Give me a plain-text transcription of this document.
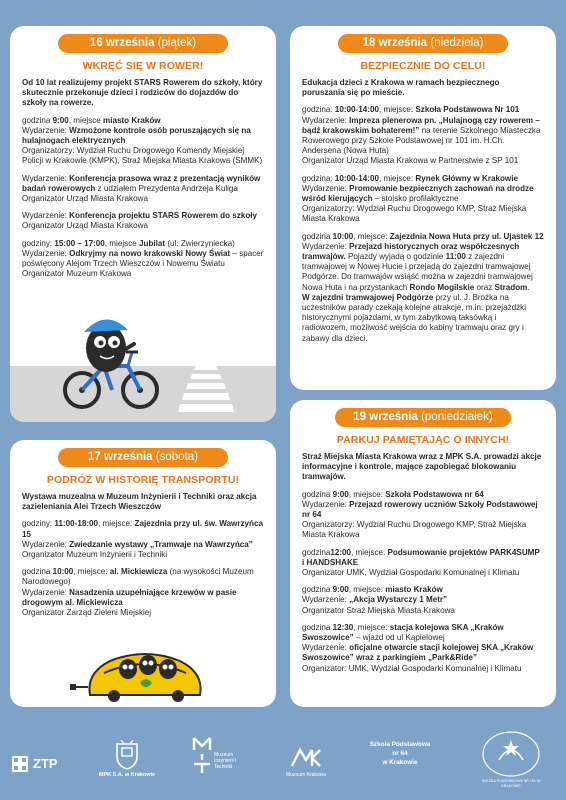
16 września (piątek)
WKRĘĆ SIĘ W ROWER!

Od 10 lat realizujemy projekt STARS Rowerem do szkoły, który skutecznie przekonuje dzieci i rodziców do dojazdów do szkoły na rowerze.

godzina 9:00, miejsce miasto Kraków
Wydarzenie: Wzmożone kontrole osób poruszających się na hulajnogach elektrycznych
Organizatorzy: Wydział Ruchu Drogowego Komendy Miejskiej Policji w Krakowie (KMPK), Straż Miejska Miasta Krakowa (SMMK)
Wydarzenie: Konferencja prasowa wraz z prezentacją wyników badań rowerowych z udziałem Prezydenta Andrzeja Kuliga
Organizator Urząd Miasta Krakowa
Wydarzenie: Konferencja projektu STARS Rowerem do szkoły
Organizator Urząd Miasta Krakowa
godziny: 15:00 – 17:00, miejsce Jubilat (ul. Zwierzyniecka)
Wydarzenie: Odkryjmy na nowo krakowski Nowy Świat – spacer poświęcony Alejom Trzech Wieszczów i Nowemu Światu
Organizator Muzeum Krakowa
17 września (sobota)
PODRÓŻ W HISTORIĘ TRANSPORTU!

Wystawa muzealna w Muzeum Inżynierii i Techniki oraz akcja zazieleniania Alei Trzech Wieszczów

godziny: 11:00-18:00, miejsce: Zajezdnia przy ul. św. Wawrzyńca 15
Wydarzenie: Zwiedzanie wystawy „Tramwaje na Wawrzyńca”
Organizator Muzeum Inżynierii i Techniki
godzina 10:00, miejsce: al. Mickiewicza (na wysokości Muzeum Narodowego)
Wydarzenie: Nasadzenia uzupełniające krzewów w pasie drogowym al. Mickiewicza
Organizator Zarząd Zieleni Miejskiej
18 września (niedziela)
BEZPIECZNIE DO CELU!

Edukacja dzieci z Krakowa w ramach bezpiecznego poruszania się po mieście.

godzina: 10:00-14:00, miejsce: Szkoła Podstawowa Nr 101
Wydarzenie: Impreza plenerowa pn. „Hulajnogą czy rowerem – bądź krakowskim bohaterem!” na terenie Szkolnego Miasteczka Rowerowego przy Szkole Podstawowej nr 101 im. H.Ch. Andersena (Nowa Huta)
Organizator Urząd Miasta Krakowa w Partnerstwie z SP 101
godzina: 10:00-14:00, miejsce: Rynek Główny w Krakowie
Wydarzenie: Promowanie bezpiecznych zachowań na drodze wśród kierujących – stoisko profilaktyczne
Organizatorzy: Wydział Ruchu Drogowego KMP, Straż Miejska Miasta Krakowa
godzina 10:00, miejsce: Zajezdnia Nowa Huta przy ul. Ujastek 12
Wydarzenie: Przejazd historycznych oraz współczesnych tramwajów. Pojazdy wyjadą o godzinie 11:00 z zajezdni tramwajowej w Nowej Hucie i przejadą do zajezdni tramwajowej Podgórze. Do tramwajów wsiąść można w zajezdni tramwajowej Nowa Huta i na przystankach Rondo Mogilskie oraz Stradom.
W zajezdni tramwajowej Podgórze przy ul. J. Brożka na uczestników parady czekają kolejne atrakcje, m.in. przejażdżki historycznymi pojazdami, w tym zabytkową taksówką i radiowozem, możliwość wejścia do kabiny tramwaju oraz gry i zabawy dla dzieci.
19 września (poniedziałek)
PARKUJ PAMIĘTAJĄC O INNYCH!

Straż Miejska Miasta Krakowa wraz z MPK S.A. prowadzi akcje informacyjne i kontrole, mające zapobiegać blokowaniu tramwajów.

godzina 9:00, miejsce: Szkoła Podstawowa nr 64
Wydarzenie: Przejazd rowerowy uczniów Szkoły Podstawowej nr 64
Organizatorzy: Wydział Ruchu Drogowego KMP, Straż Miejska Miasta Krakowa
godzina12:00, miejsce: Podsumowanie projektów PARK4SUMP i HANDSHAKE
Organizator UMK, Wydział Gospodarki Komunalnej i Klimatu
godzina 9:00, miejsce: miasto Kraków
Wydarzenie: „Akcja Wystarczy 1 Metr”
Organizator Straż Miejska Miasta Krakowa
godzina 12:30, miejsce: stacja kolejowa SKA „Kraków Swoszowice” – wjazd od ul Kąpielowej
Wydarzenie: oficjalne otwarcie stacji kolejowej SKA „Kraków Swoszowice” wraz z parkingiem „Park&Ride”
Organizator: UMK, Wydział Gospodarki Komunalnej i Klimatu
ZTP
MPK S.A. w Krakowie
Muzeum Inżynierii i Techniki
Muzeum Krakowa
Szkoła Podstawowa
nr 64
w Krakowie
SZKOŁA PODSTAWOWA NR 101 W KRAKOWIE
